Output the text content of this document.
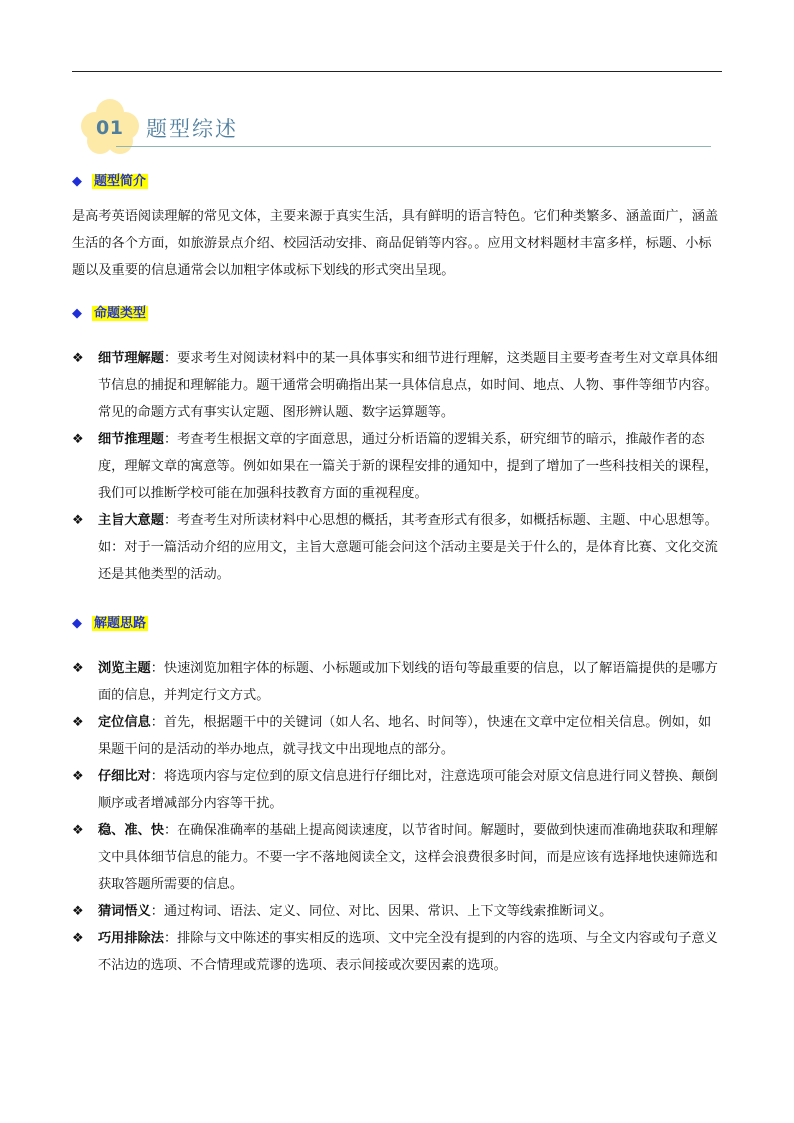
01 题型综述
◆ 题型简介

是高考英语阅读理解的常见文体，主要来源于真实生活，具有鲜明的语言特色。它们种类繁多、涵盖面广，涵盖生活的各个方面，如旅游景点介绍、校园活动安排、商品促销等内容。。应用文材料题材丰富多样，标题、小标题以及重要的信息通常会以加粗字体或标下划线的形式突出呈现。

◆ 命题类型
❖ 细节理解题：要求考生对阅读材料中的某一具体事实和细节进行理解，这类题目主要考查考生对文章具体细节信息的捕捉和理解能力。题干通常会明确指出某一具体信息点，如时间、地点、人物、事件等细节内容。常见的命题方式有事实认定题、图形辨认题、数字运算题等。
❖ 细节推理题：考查考生根据文章的字面意思，通过分析语篇的逻辑关系，研究细节的暗示，推敲作者的态度，理解文章的寓意等。例如如果在一篇关于新的课程安排的通知中，提到了增加了一些科技相关的课程，我们可以推断学校可能在加强科技教育方面的重视程度。
❖ 主旨大意题：考查考生对所读材料中心思想的概括，其考查形式有很多，如概括标题、主题、中心思想等。如：对于一篇活动介绍的应用文，主旨大意题可能会问这个活动主要是关于什么的，是体育比赛、文化交流还是其他类型的活动。
◆ 解题思路
❖ 浏览主题：快速浏览加粗字体的标题、小标题或加下划线的语句等最重要的信息，以了解语篇提供的是哪方面的信息，并判定行文方式。
❖ 定位信息：首先，根据题干中的关键词（如人名、地名、时间等），快速在文章中定位相关信息。例如，如果题干问的是活动的举办地点，就寻找文中出现地点的部分。
❖ 仔细比对：将选项内容与定位到的原文信息进行仔细比对，注意选项可能会对原文信息进行同义替换、颠倒顺序或者增减部分内容等干扰。
❖ 稳、准、快：在确保准确率的基础上提高阅读速度，以节省时间。解题时，要做到快速而准确地获取和理解文中具体细节信息的能力。不要一字不落地阅读全文，这样会浪费很多时间，而是应该有选择地快速筛选和获取答题所需要的信息。
❖ 猜词悟义：通过构词、语法、定义、同位、对比、因果、常识、上下文等线索推断词义。
❖ 巧用排除法：排除与文中陈述的事实相反的选项、文中完全没有提到的内容的选项、与全文内容或句子意义不沾边的选项、不合情理或荒谬的选项、表示间接或次要因素的选项。
